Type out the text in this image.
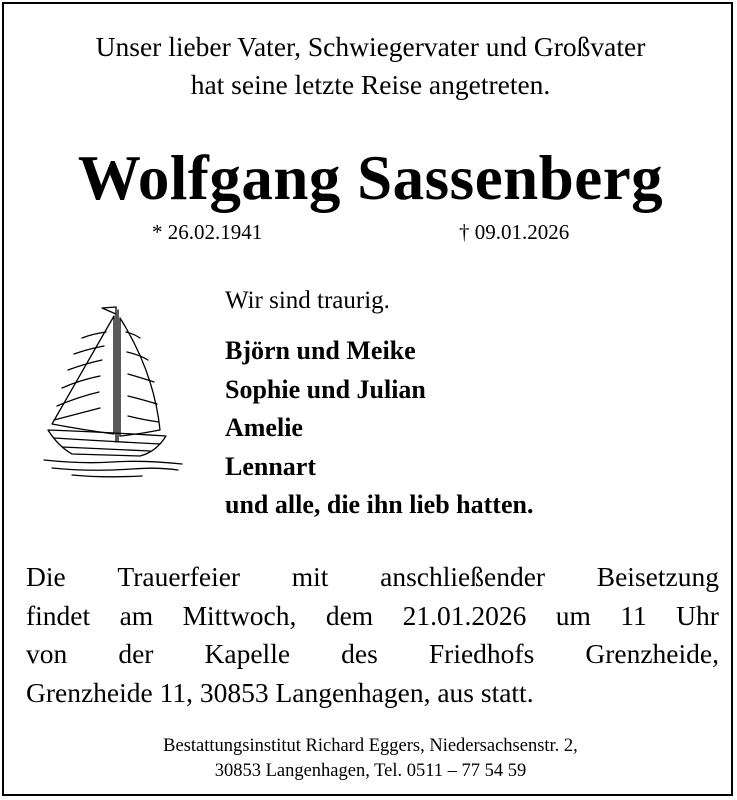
Unser lieber Vater, Schwiegervater und Großvater
hat seine letzte Reise angetreten.
Wolfgang Sassenberg
* 26.02.1941	† 09.01.2026
Wir sind traurig.
Björn und Meike
Sophie und Julian
Amelie
Lennart
und alle, die ihn lieb hatten.
Die Trauerfeier mit anschließender Beisetzung
findet am Mittwoch, dem 21.01.2026 um 11 Uhr
von der Kapelle des Friedhofs Grenzheide,
Grenzheide 11, 30853 Langenhagen, aus statt.
Bestattungsinstitut Richard Eggers, Niedersachsenstr. 2,
30853 Langenhagen, Tel. 0511 – 77 54 59
